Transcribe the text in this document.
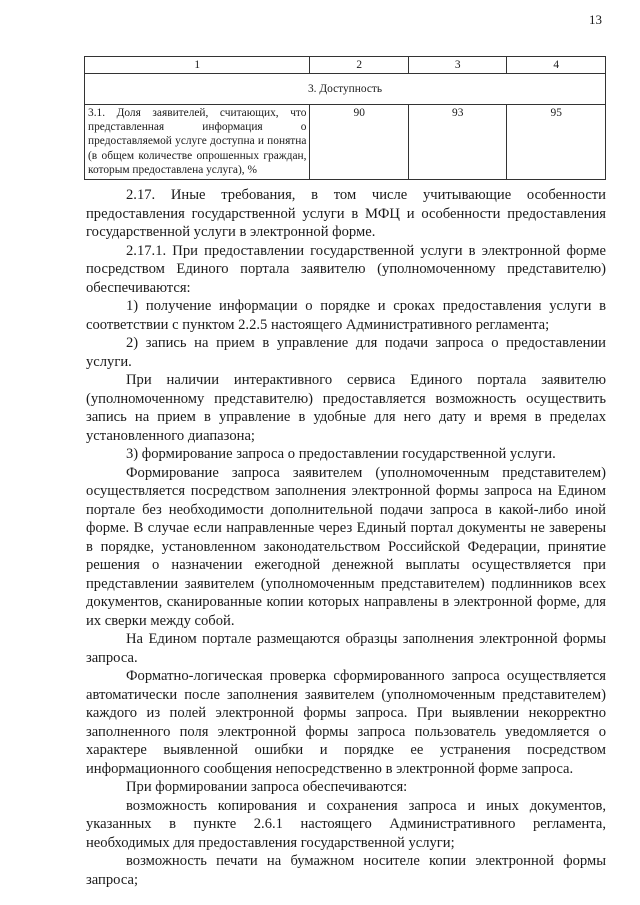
13
1	2	3	4
3. Доступность			
3.1. Доля заявителей, считающих, что представленная информация о предоставляемой услуге доступна и понятна (в общем количестве опрошенных граждан, которым предоставлена услуга), %	90	93	95

2.17. Иные требования, в том числе учитывающие особенности предоставления государственной услуги в МФЦ и особенности предоставления государственной услуги в электронной форме.

2.17.1. При предоставлении государственной услуги в электронной форме посредством Единого портала заявителю (уполномоченному представителю) обеспечиваются:

1) получение информации о порядке и сроках предоставления услуги в соответствии с пунктом 2.2.5 настоящего Административного регламента;

2) запись на прием в управление для подачи запроса о предоставлении услуги.

При наличии интерактивного сервиса Единого портала заявителю (уполномоченному представителю) предоставляется возможность осуществить запись на прием в управление в удобные для него дату и время в пределах установленного диапазона;

3) формирование запроса о предоставлении государственной услуги.

Формирование запроса заявителем (уполномоченным представителем) осуществляется посредством заполнения электронной формы запроса на Едином портале без необходимости дополнительной подачи запроса в какой-либо иной форме. В случае если направленные через Единый портал документы не заверены в порядке, установленном законодательством Российской Федерации, принятие решения о назначении ежегодной денежной выплаты осуществляется при представлении заявителем (уполномоченным представителем) подлинников всех документов, сканированные копии которых направлены в электронной форме, для их сверки между собой.

На Едином портале размещаются образцы заполнения электронной формы запроса.

Форматно-логическая проверка сформированного запроса осуществляется автоматически после заполнения заявителем (уполномоченным представителем) каждого из полей электронной формы запроса. При выявлении некорректно заполненного поля электронной формы запроса пользователь уведомляется о характере выявленной ошибки и порядке ее устранения посредством информационного сообщения непосредственно в электронной форме запроса.

При формировании запроса обеспечиваются:

возможность копирования и сохранения запроса и иных документов, указанных в пункте 2.6.1 настоящего Административного регламента, необходимых для предоставления государственной услуги;

возможность печати на бумажном носителе копии электронной формы запроса;
